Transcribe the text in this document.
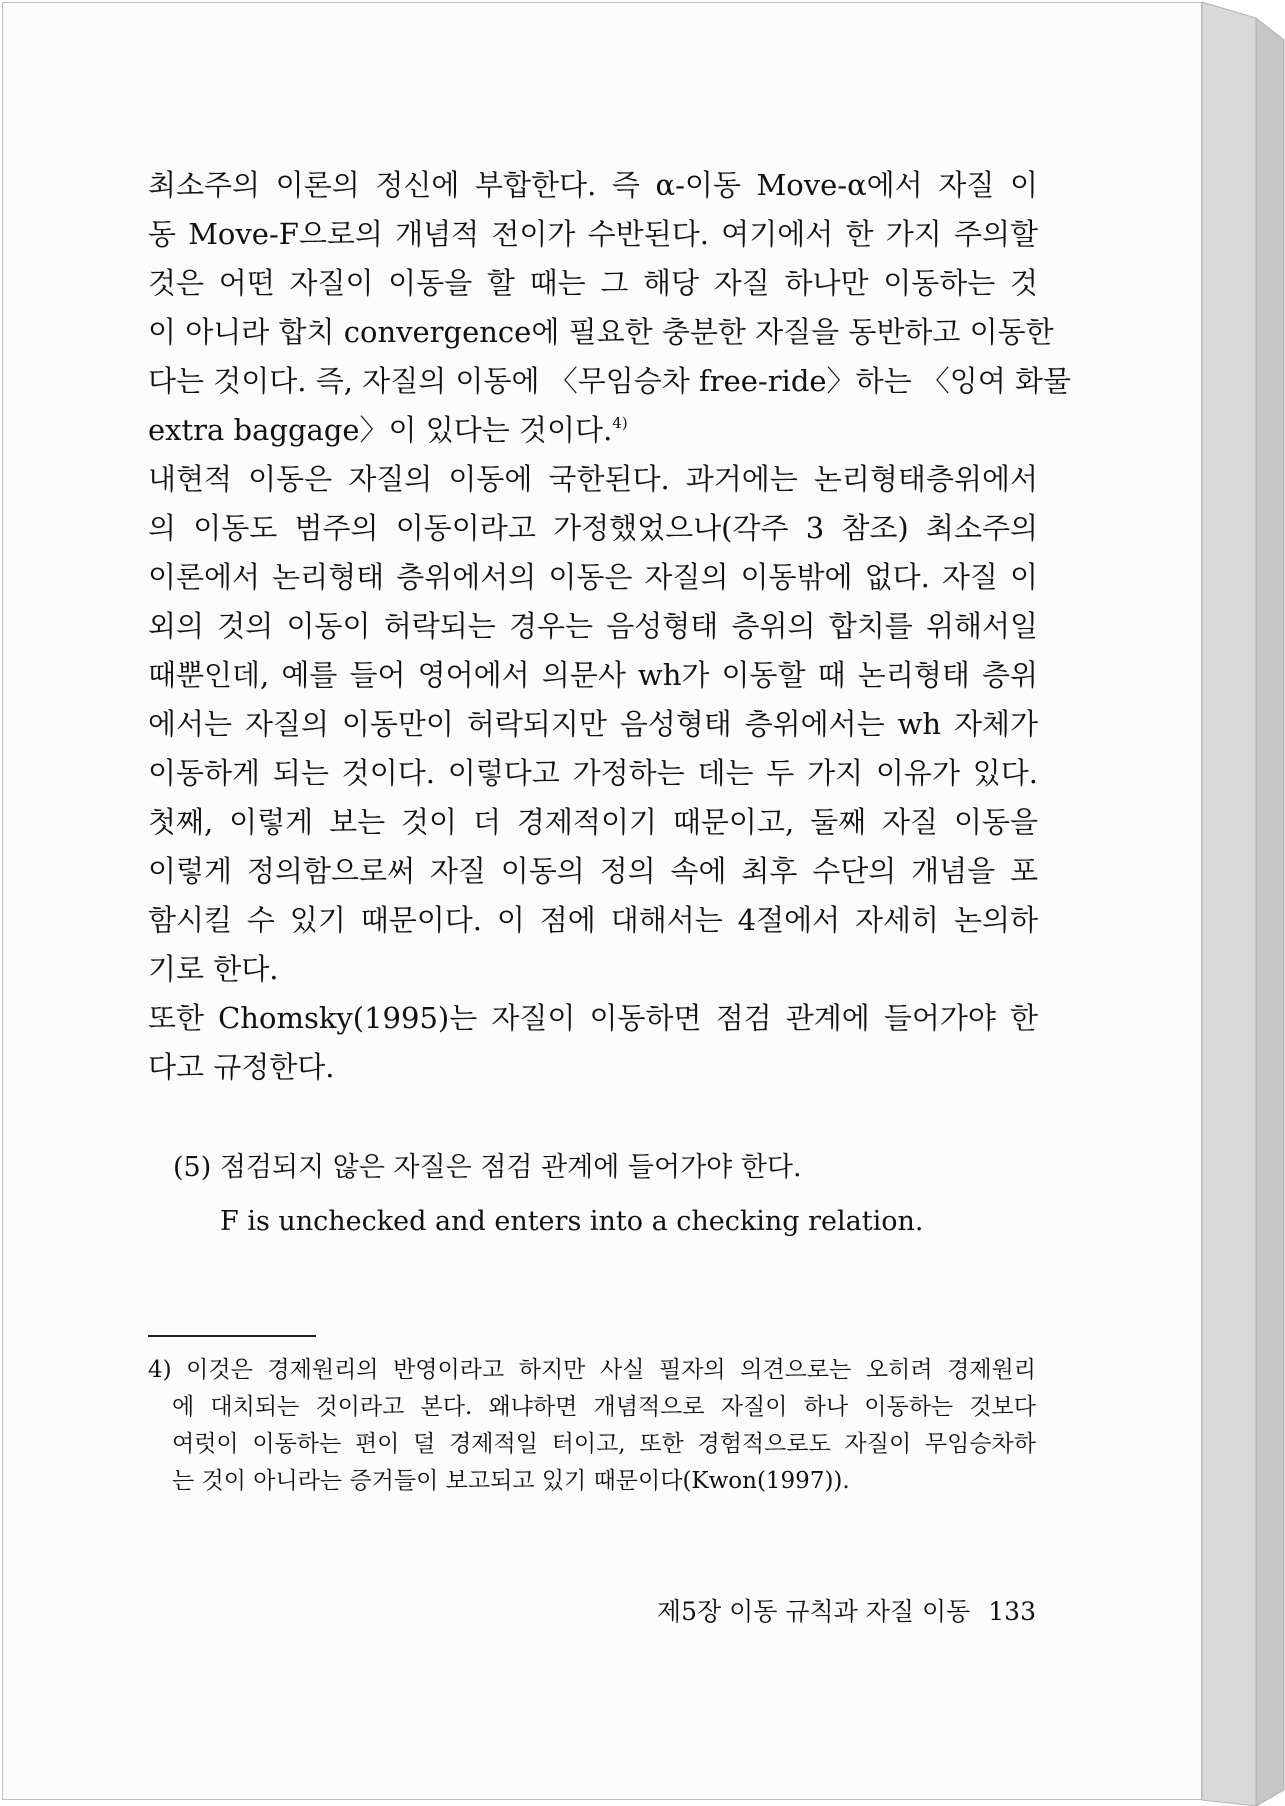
최소주의 이론의 정신에 부합한다. 즉 α-이동 Move-α에서 자질 이
동 Move-F으로의 개념적 전이가 수반된다. 여기에서 한 가지 주의할
것은 어떤 자질이 이동을 할 때는 그 해당 자질 하나만 이동하는 것
이 아니라 합치 convergence에 필요한 충분한 자질을 동반하고 이동한
다는 것이다. 즉, 자질의 이동에 〈무임승차 free-ride〉하는 〈잉여 화물
extra baggage〉이 있다는 것이다.$^{4)}$
내현적 이동은 자질의 이동에 국한된다. 과거에는 논리형태층위에서
의 이동도 범주의 이동이라고 가정했었으나(각주 3 참조) 최소주의
이론에서 논리형태 층위에서의 이동은 자질의 이동밖에 없다. 자질 이
외의 것의 이동이 허락되는 경우는 음성형태 층위의 합치를 위해서일
때뿐인데, 예를 들어 영어에서 의문사 wh가 이동할 때 논리형태 층위
에서는 자질의 이동만이 허락되지만 음성형태 층위에서는 wh 자체가
이동하게 되는 것이다. 이렇다고 가정하는 데는 두 가지 이유가 있다.
첫째, 이렇게 보는 것이 더 경제적이기 때문이고, 둘째 자질 이동을
이렇게 정의함으로써 자질 이동의 정의 속에 최후 수단의 개념을 포
함시킬 수 있기 때문이다. 이 점에 대해서는 4절에서 자세히 논의하
기로 한다.
또한 Chomsky(1995)는 자질이 이동하면 점검 관계에 들어가야 한
다고 규정한다.
(5) 점검되지 않은 자질은 점검 관계에 들어가야 한다.
F is unchecked and enters into a checking relation.
4) 이것은 경제원리의 반영이라고 하지만 사실 필자의 의견으로는 오히려 경제원리
에 대치되는 것이라고 본다. 왜냐하면 개념적으로 자질이 하나 이동하는 것보다
여럿이 이동하는 편이 덜 경제적일 터이고, 또한 경험적으로도 자질이 무임승차하
는 것이 아니라는 증거들이 보고되고 있기 때문이다(Kwon(1997)).
제5장 이동 규칙과 자질 이동 133
